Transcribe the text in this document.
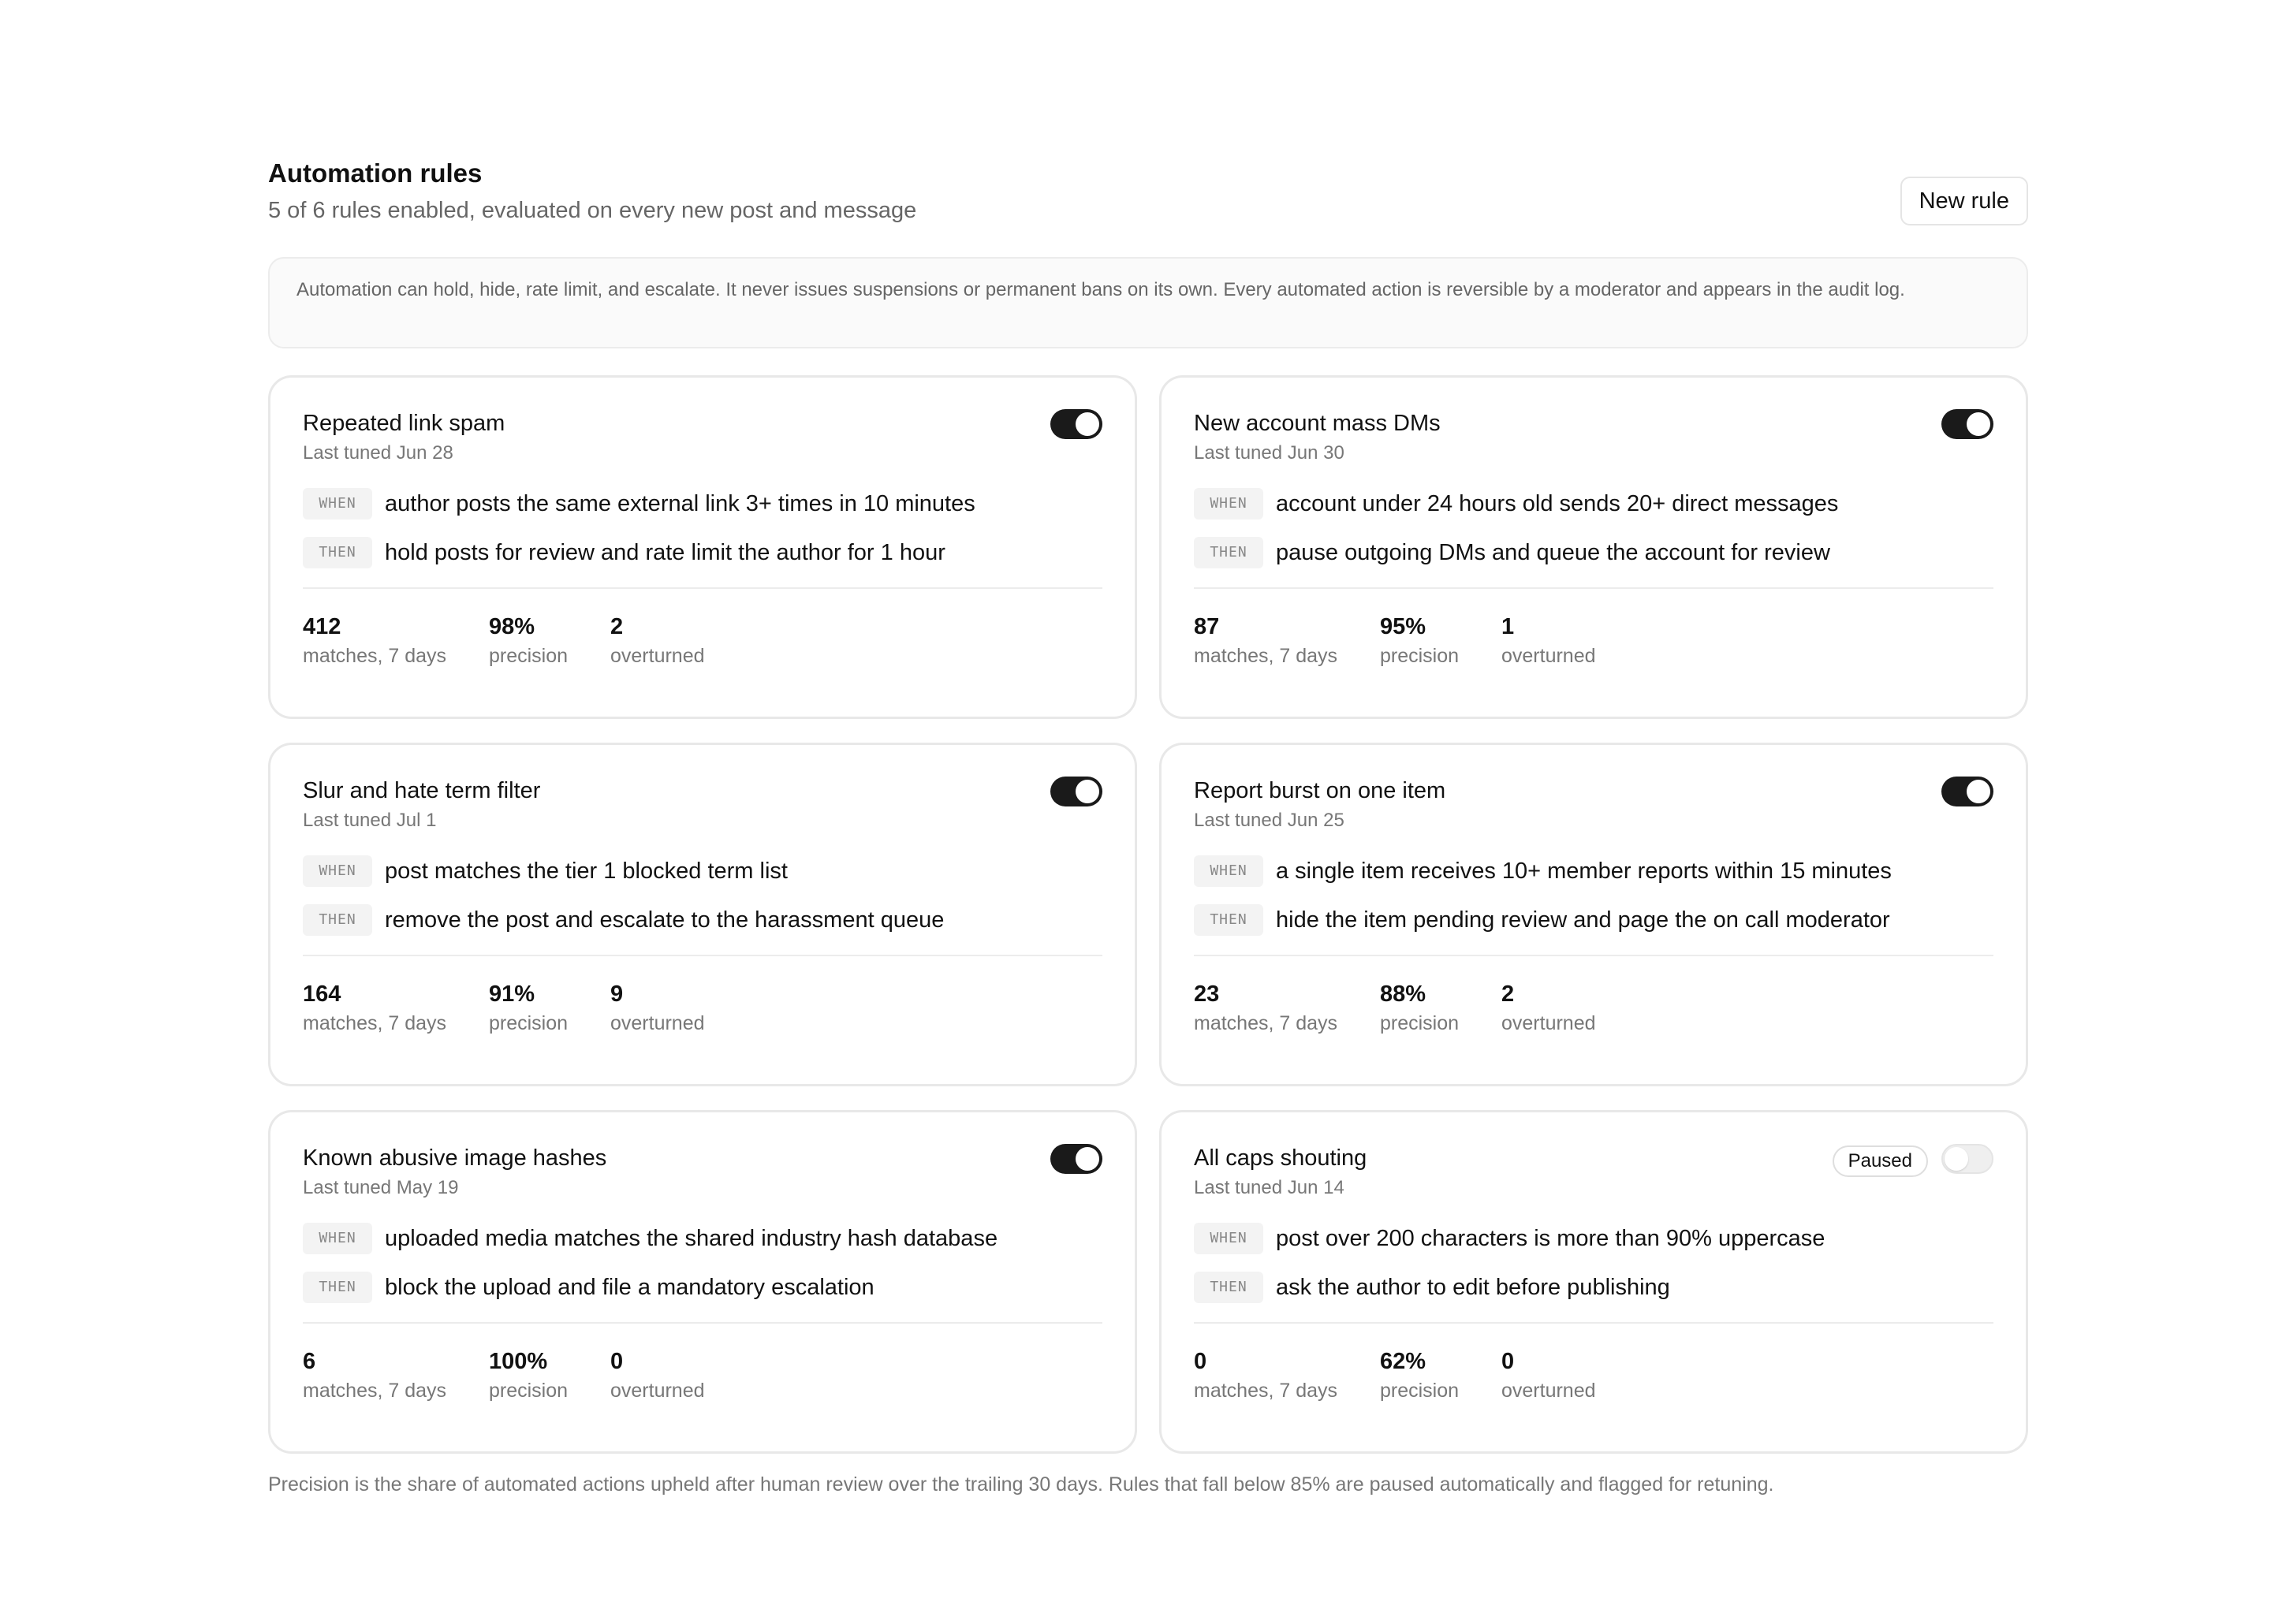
Automation rules
5 of 6 rules enabled, evaluated on every new post and message	New rule
Automation can hold, hide, rate limit, and escalate. It never issues suspensions or permanent bans on its own. Every automated action is reversible by a moderator and appears in the audit log.
Repeated link spam
Last tuned Jun 28
WHEN	author posts the same external link 3+ times in 10 minutes
THEN	hold posts for review and rate limit the author for 1 hour
412
matches, 7 days
98%
precision
2
overturned
New account mass DMs
Last tuned Jun 30
WHEN	account under 24 hours old sends 20+ direct messages
THEN	pause outgoing DMs and queue the account for review
87
matches, 7 days
95%
precision
1
overturned
Slur and hate term filter
Last tuned Jul 1
WHEN	post matches the tier 1 blocked term list
THEN	remove the post and escalate to the harassment queue
164
matches, 7 days
91%
precision
9
overturned
Report burst on one item
Last tuned Jun 25
WHEN	a single item receives 10+ member reports within 15 minutes
THEN	hide the item pending review and page the on call moderator
23
matches, 7 days
88%
precision
2
overturned
Known abusive image hashes
Last tuned May 19
WHEN	uploaded media matches the shared industry hash database
THEN	block the upload and file a mandatory escalation
6
matches, 7 days
100%
precision
0
overturned
All caps shouting
Last tuned Jun 14
Paused
WHEN	post over 200 characters is more than 90% uppercase
THEN	ask the author to edit before publishing
0
matches, 7 days
62%
precision
0
overturned
Precision is the share of automated actions upheld after human review over the trailing 30 days. Rules that fall below 85% are paused automatically and flagged for retuning.
